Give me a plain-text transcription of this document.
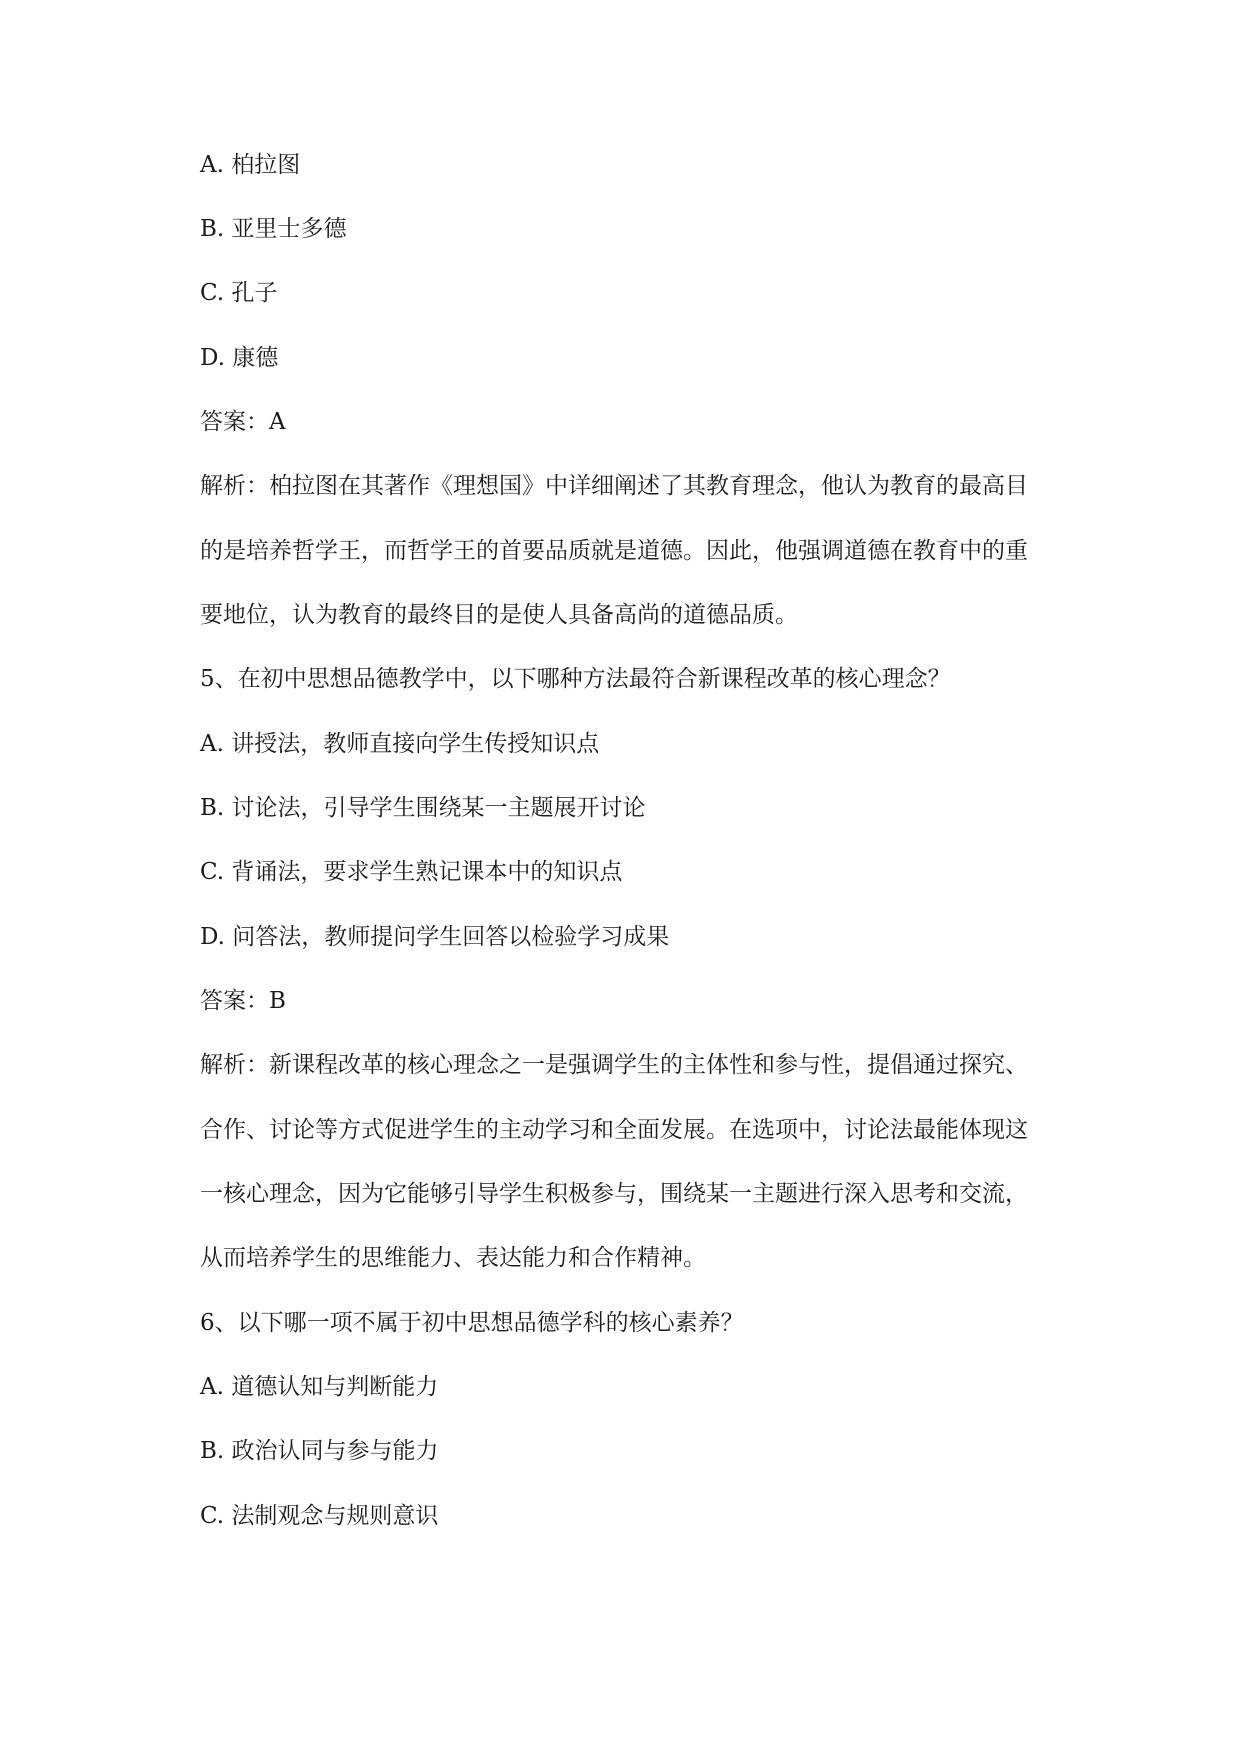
A. 柏拉图
B. 亚里士多德
C. 孔子
D. 康德
答案：A
解析：柏拉图在其著作《理想国》中详细阐述了其教育理念，他认为教育的最高目
的是培养哲学王，而哲学王的首要品质就是道德。因此，他强调道德在教育中的重
要地位，认为教育的最终目的是使人具备高尚的道德品质。
5、在初中思想品德教学中，以下哪种方法最符合新课程改革的核心理念？
A. 讲授法，教师直接向学生传授知识点
B. 讨论法，引导学生围绕某一主题展开讨论
C. 背诵法，要求学生熟记课本中的知识点
D. 问答法，教师提问学生回答以检验学习成果
答案：B
解析：新课程改革的核心理念之一是强调学生的主体性和参与性，提倡通过探究、
合作、讨论等方式促进学生的主动学习和全面发展。在选项中，讨论法最能体现这
一核心理念，因为它能够引导学生积极参与，围绕某一主题进行深入思考和交流，
从而培养学生的思维能力、表达能力和合作精神。
6、以下哪一项不属于初中思想品德学科的核心素养？
A. 道德认知与判断能力
B. 政治认同与参与能力
C. 法制观念与规则意识
